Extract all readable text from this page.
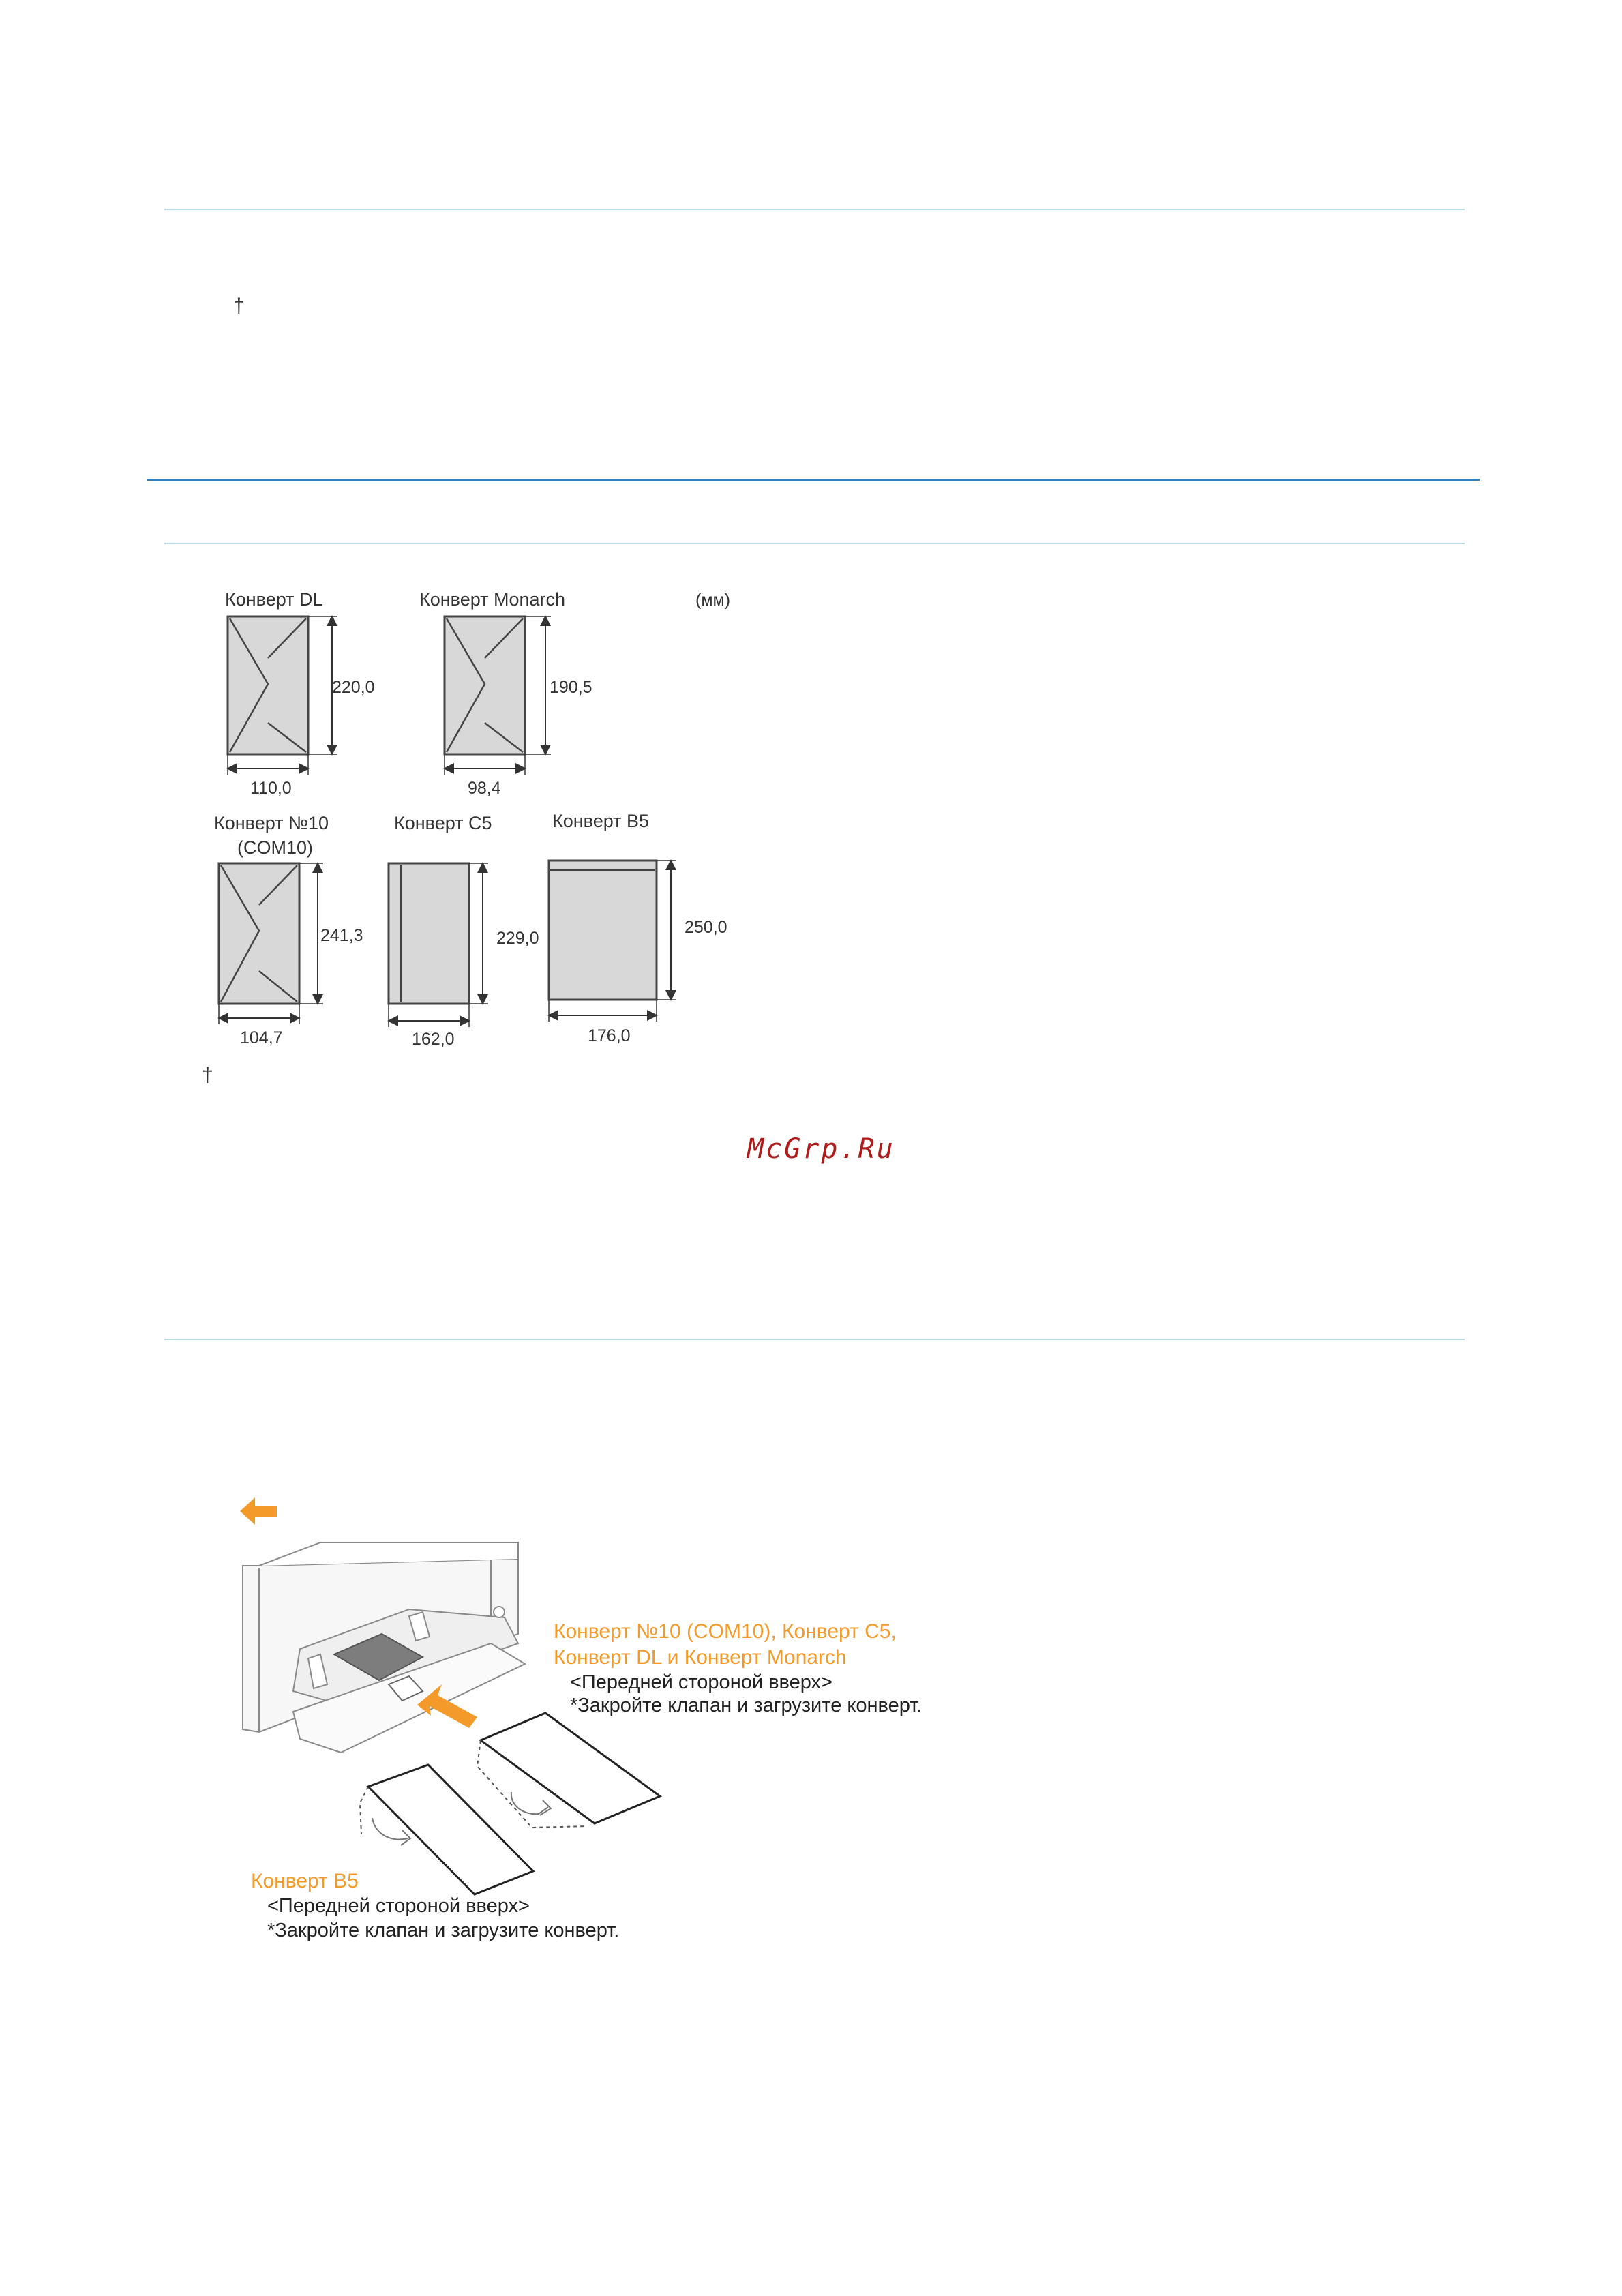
†
(мм)
Конверт DL
220,0
110,0
Конверт Monarch
190,5
98,4
Конверт №10
(COM10)
241,3
104,7
Конверт C5
229,0
162,0
Конверт B5
250,0
176,0
†
McGrp.Ru
Конверт №10 (COM10), Конверт C5,
Конверт DL и Конверт Monarch
<Передней стороной вверх>
*Закройте клапан и загрузите конверт.
Конверт B5
<Передней стороной вверх>
*Закройте клапан и загрузите конверт.
